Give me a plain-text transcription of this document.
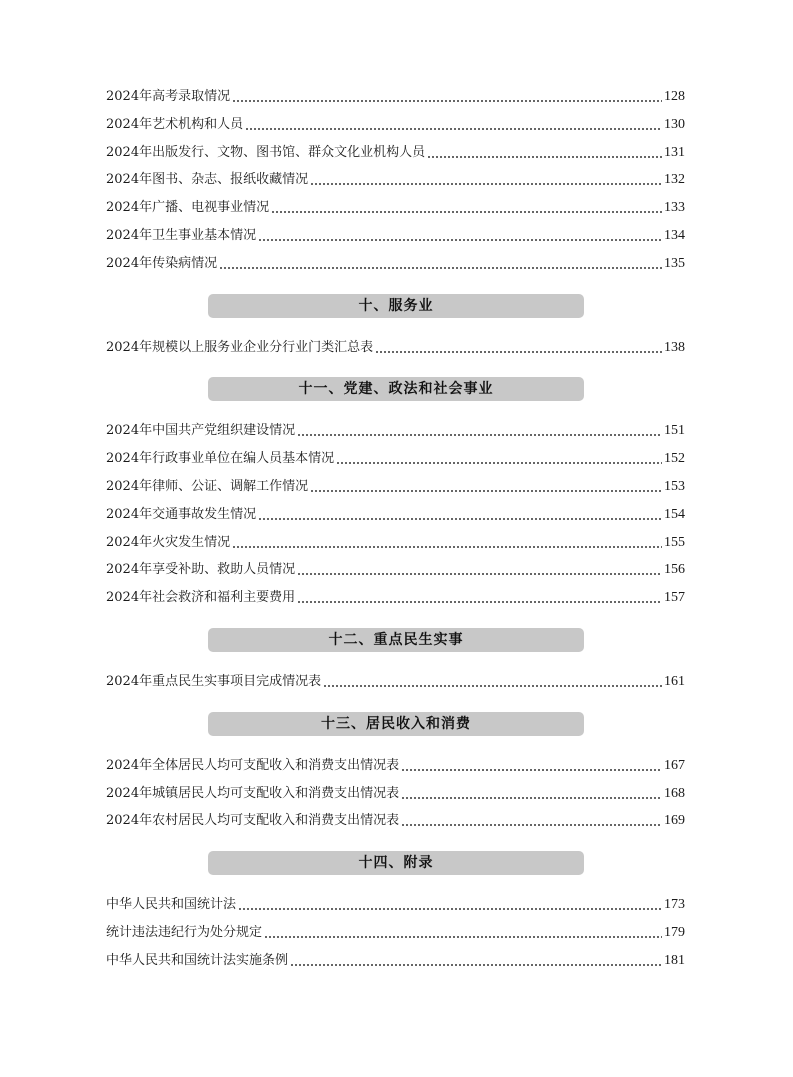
2024年高考录取情况	128
2024年艺术机构和人员	130
2024年出版发行、文物、图书馆、群众文化业机构人员	131
2024年图书、杂志、报纸收藏情况	132
2024年广播、电视事业情况	133
2024年卫生事业基本情况	134
2024年传染病情况	135
十、服务业
2024年规模以上服务业企业分行业门类汇总表	138
十一、党建、政法和社会事业
2024年中国共产党组织建设情况	151
2024年行政事业单位在编人员基本情况	152
2024年律师、公证、调解工作情况	153
2024年交通事故发生情况	154
2024年火灾发生情况	155
2024年享受补助、救助人员情况	156
2024年社会救济和福利主要费用	157
十二、重点民生实事
2024年重点民生实事项目完成情况表	161
十三、居民收入和消费
2024年全体居民人均可支配收入和消费支出情况表	167
2024年城镇居民人均可支配收入和消费支出情况表	168
2024年农村居民人均可支配收入和消费支出情况表	169
十四、附录
中华人民共和国统计法	173
统计违法违纪行为处分规定	179
中华人民共和国统计法实施条例	181
